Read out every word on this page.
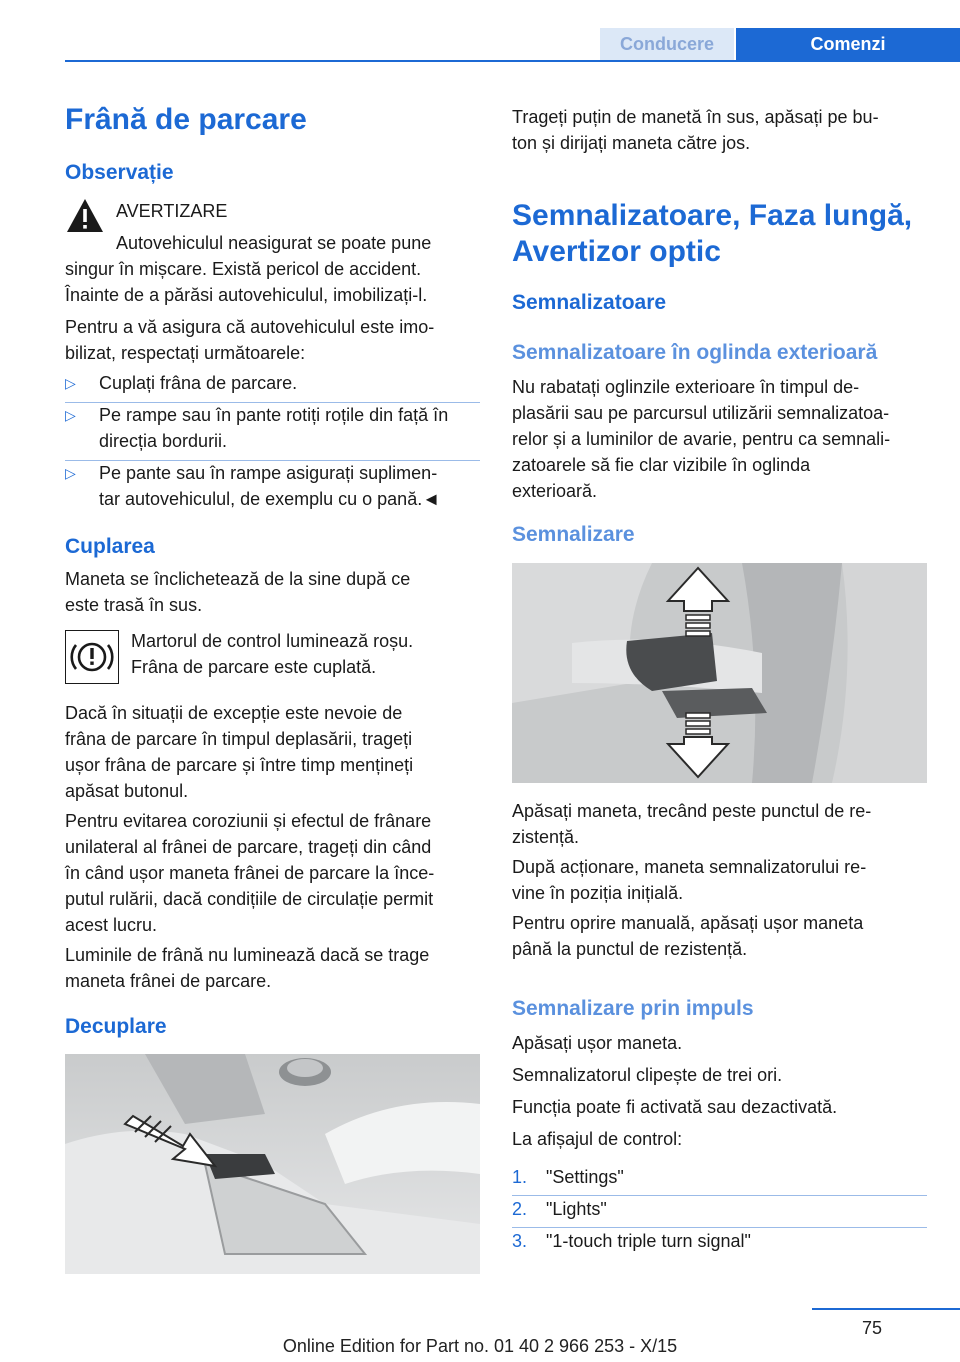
Conducere	Comenzi
Frână de parcare
Observație
AVERTIZARE
Autovehiculul neasigurat se poate pune
singur în mișcare. Există pericol de accident.
Înainte de a părăsi autovehiculul, imobilizați-l.
Pentru a vă asigura că autovehiculul este imo-
bilizat, respectați următoarele:
▷ Cuplați frâna de parcare.
▷ Pe rampe sau în pante rotiți roțile din față în
direcția bordurii.
▷ Pe pante sau în rampe asigurați suplimen-
tar autovehiculul, de exemplu cu o pană.◄
Cuplarea
Maneta se înclichetează de la sine după ce
este trasă în sus.
Martorul de control luminează roșu.
Frâna de parcare este cuplată.
Dacă în situații de excepție este nevoie de
frâna de parcare în timpul deplasării, trageți
ușor frâna de parcare și între timp mențineți
apăsat butonul.
Pentru evitarea coroziunii și efectul de frânare
unilateral al frânei de parcare, trageți din când
în când ușor maneta frânei de parcare la înce-
putul rulării, dacă condițiile de circulație permit
acest lucru.
Luminile de frână nu luminează dacă se trage
maneta frânei de parcare.
Decuplare
Trageți puțin de manetă în sus, apăsați pe bu-
ton și dirijați maneta către jos.
Semnalizatoare, Faza lungă,
Avertizor optic
Semnalizatoare
Semnalizatoare în oglinda exterioară
Nu rabatați oglinzile exterioare în timpul de-
plasării sau pe parcursul utilizării semnalizatoa-
relor și a luminilor de avarie, pentru ca semnali-
zatoarele să fie clar vizibile în oglinda
exterioară.
Semnalizare
Apăsați maneta, trecând peste punctul de re-
zistență.
După acționare, maneta semnalizatorului re-
vine în poziția inițială.
Pentru oprire manuală, apăsați ușor maneta
până la punctul de rezistență.
Semnalizare prin impuls
Apăsați ușor maneta.
Semnalizatorul clipește de trei ori.
Funcția poate fi activată sau dezactivată.
La afișajul de control:
1. "Settings"
2. "Lights"
3. "1-touch triple turn signal"
75
Online Edition for Part no. 01 40 2 966 253 - X/15
